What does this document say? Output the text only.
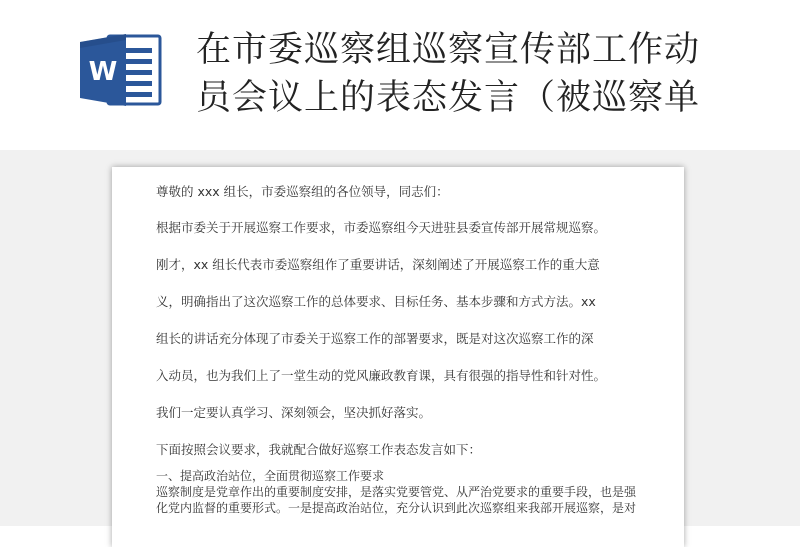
W
在市委巡察组巡察宣传部工作动
员会议上的表态发言（被巡察单
尊敬的 xxx 组长，市委巡察组的各位领导，同志们：
根据市委关于开展巡察工作要求，市委巡察组今天进驻县委宣传部开展常规巡察。
刚才，xx 组长代表市委巡察组作了重要讲话，深刻阐述了开展巡察工作的重大意
义，明确指出了这次巡察工作的总体要求、目标任务、基本步骤和方式方法。xx
组长的讲话充分体现了市委关于巡察工作的部署要求，既是对这次巡察工作的深
入动员，也为我们上了一堂生动的党风廉政教育课，具有很强的指导性和针对性。
我们一定要认真学习、深刻领会，坚决抓好落实。
下面按照会议要求，我就配合做好巡察工作表态发言如下：
一、提高政治站位，全面贯彻巡察工作要求
巡察制度是党章作出的重要制度安排，是落实党要管党、从严治党要求的重要手段，也是强
化党内监督的重要形式。一是提高政治站位，充分认识到此次巡察组来我部开展巡察，是对
